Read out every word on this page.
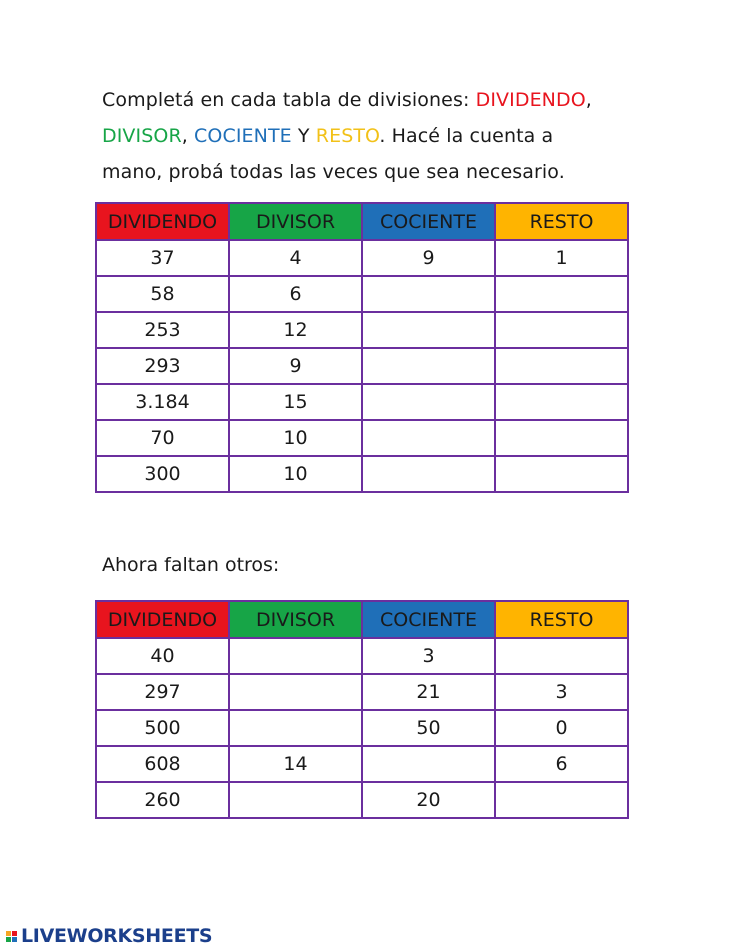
Completá en cada tabla de divisiones: DIVIDENDO,

DIVISOR, COCIENTE Y RESTO. Hacé la cuenta a

mano, probá todas las veces que sea necesario.

DIVIDENDO	DIVISOR	COCIENTE	RESTO
37	4	9	1
58	6		
253	12		
293	9		
3.184	15		
70	10		
300	10		
Ahora faltan otros:
DIVIDENDO	DIVISOR	COCIENTE	RESTO
40		3	
297		21	3
500		50	0
608	14		6
260		20	
LIVEWORKSHEETS
